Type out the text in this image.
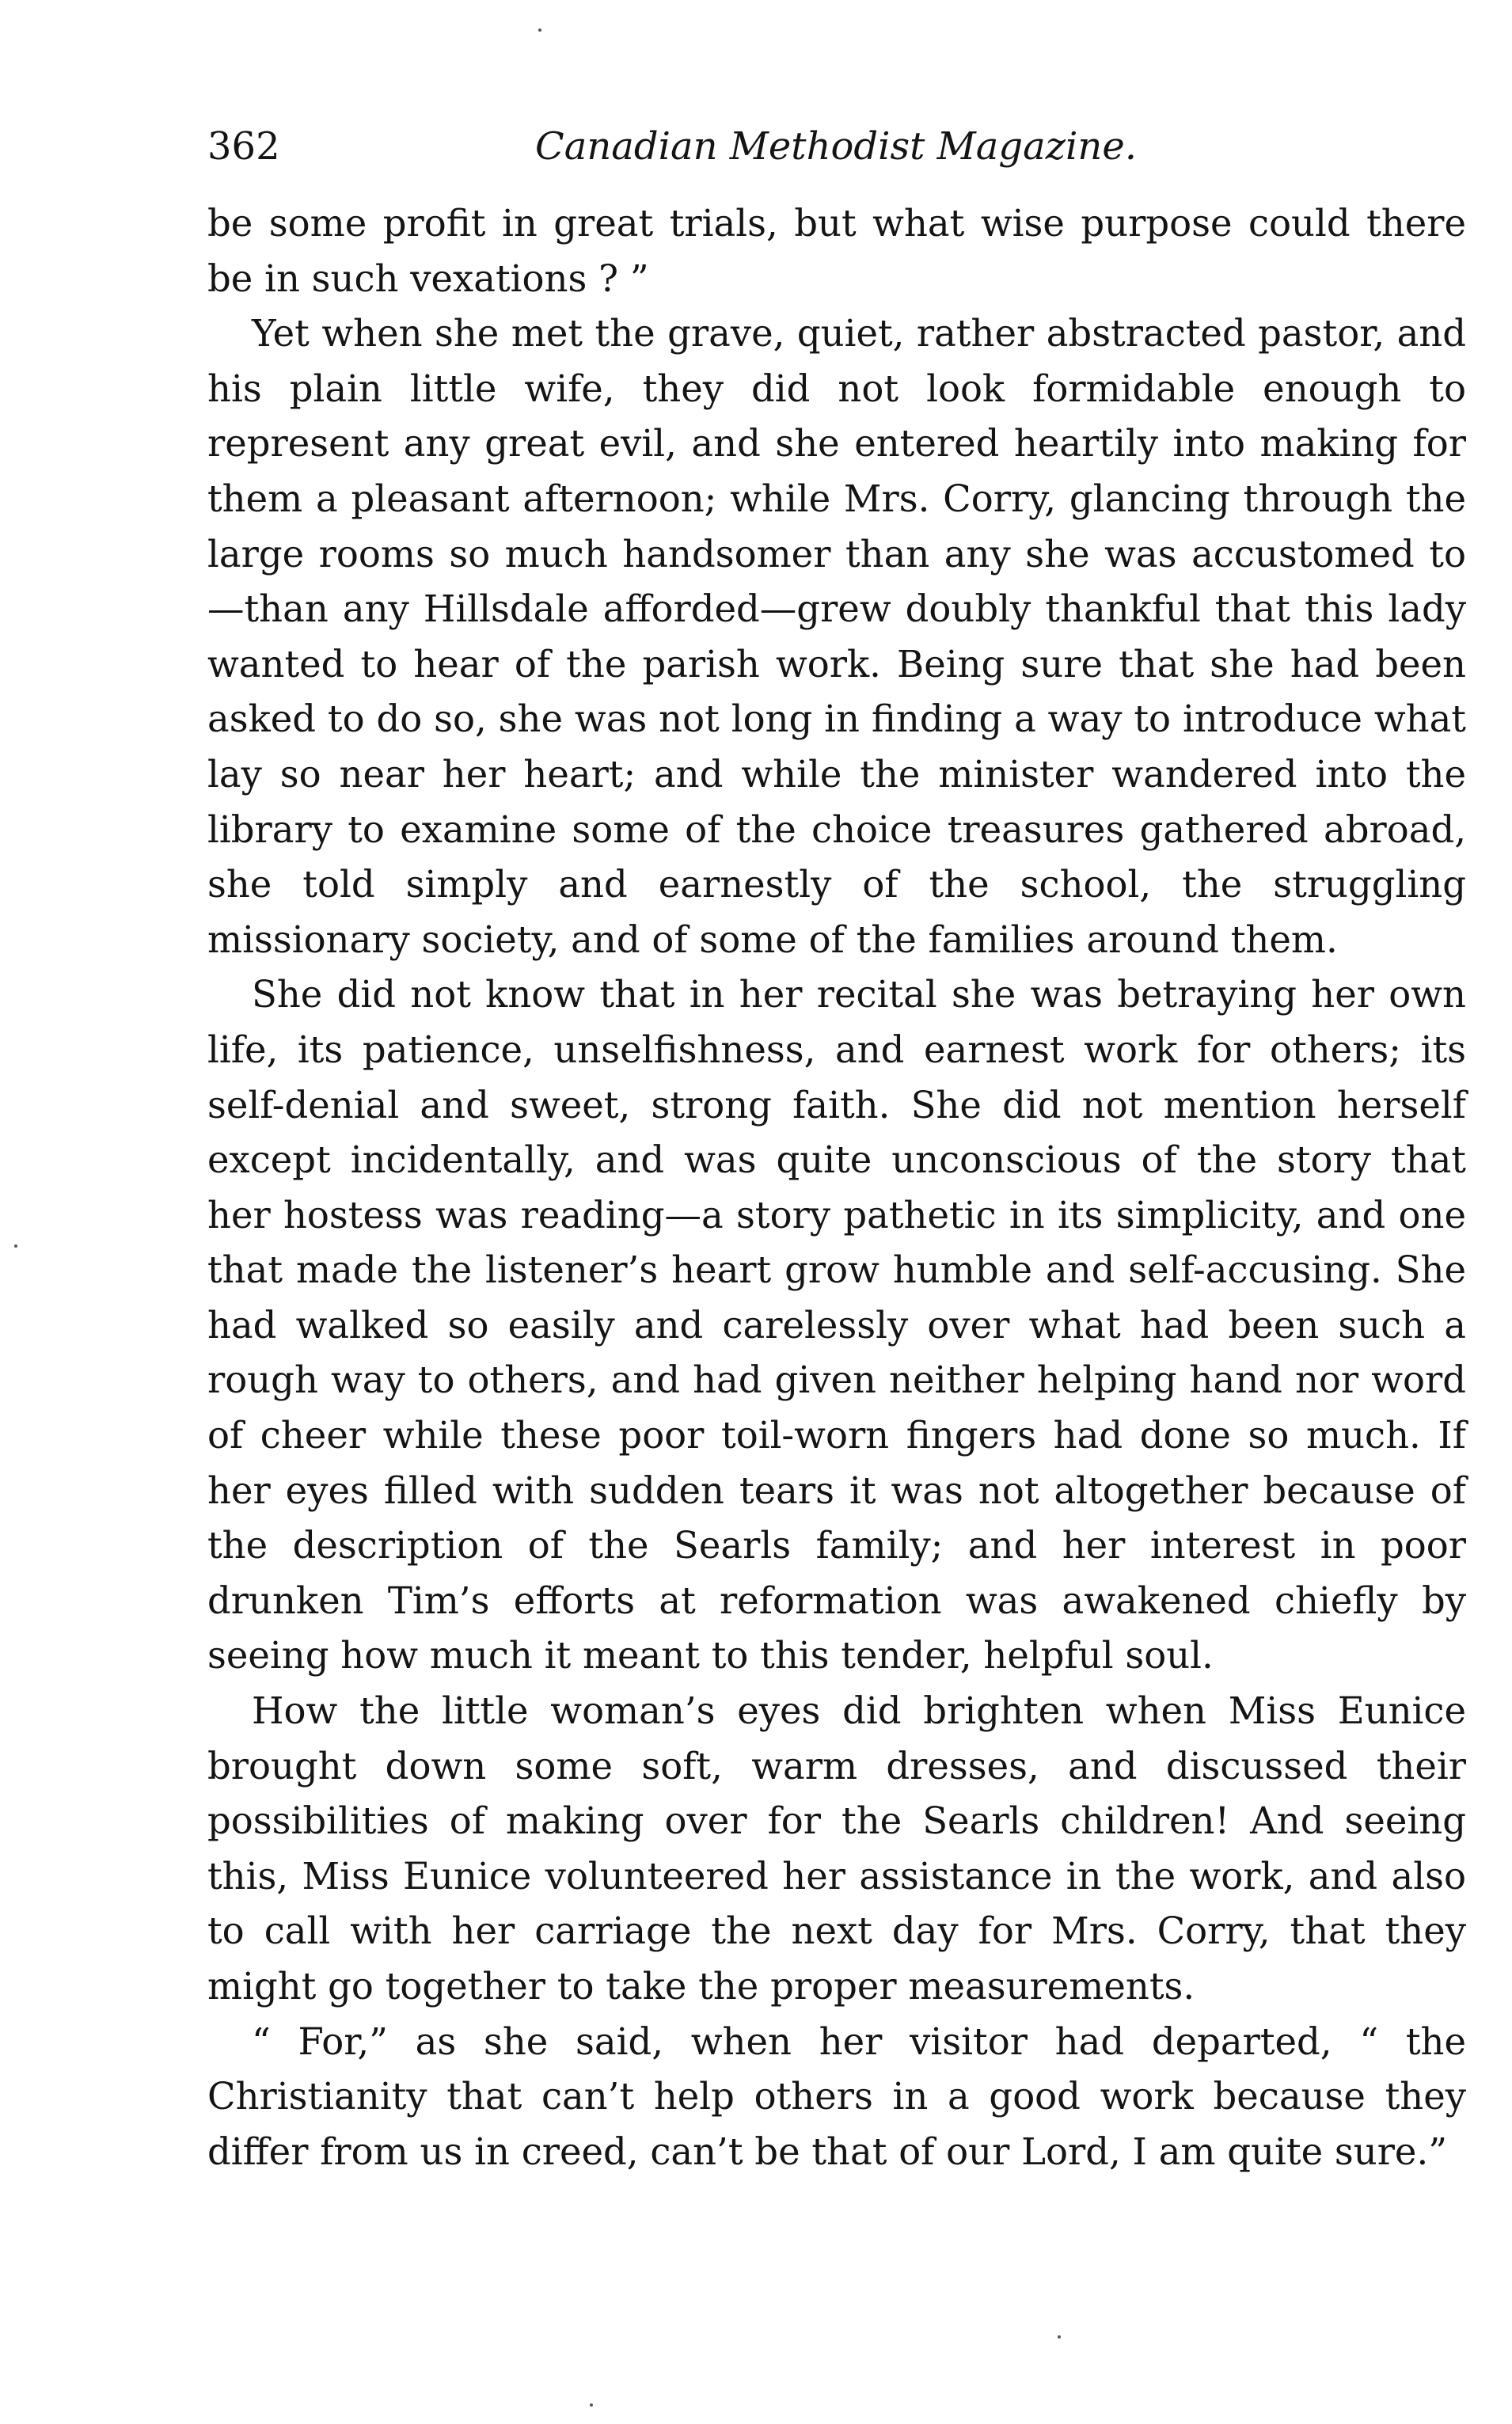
362	Canadian Methodist Magazine.

be some profit in great trials, but what wise purpose could there be in such vexations ? ”

Yet when she met the grave, quiet, rather abstracted pastor, and his plain little wife, they did not look formidable enough to represent any great evil, and she entered heartily into making for them a pleasant afternoon; while Mrs. Corry, glancing through the large rooms so much handsomer than any she was accustomed to—than any Hillsdale afforded—grew doubly thankful that this lady wanted to hear of the parish work. Being sure that she had been asked to do so, she was not long in finding a way to introduce what lay so near her heart; and while the minister wandered into the library to examine some of the choice treasures gathered abroad, she told simply and earnestly of the school, the struggling missionary society, and of some of the families around them.

She did not know that in her recital she was betraying her own life, its patience, unselfishness, and earnest work for others; its self-denial and sweet, strong faith. She did not mention herself except incidentally, and was quite unconscious of the story that her hostess was reading—a story pathetic in its simplicity, and one that made the listener’s heart grow humble and self-accusing. She had walked so easily and carelessly over what had been such a rough way to others, and had given neither helping hand nor word of cheer while these poor toil-worn fingers had done so much. If her eyes filled with sudden tears it was not altogether because of the description of the Searls family; and her interest in poor drunken Tim’s efforts at reformation was awakened chiefly by seeing how much it meant to this tender, helpful soul.

How the little woman’s eyes did brighten when Miss Eunice brought down some soft, warm dresses, and discussed their possibilities of making over for the Searls children! And seeing this, Miss Eunice volunteered her assistance in the work, and also to call with her carriage the next day for Mrs. Corry, that they might go together to take the proper measurements.

“ For,” as she said, when her visitor had departed, “ the Christianity that can’t help others in a good work because they differ from us in creed, can’t be that of our Lord, I am quite sure.”
